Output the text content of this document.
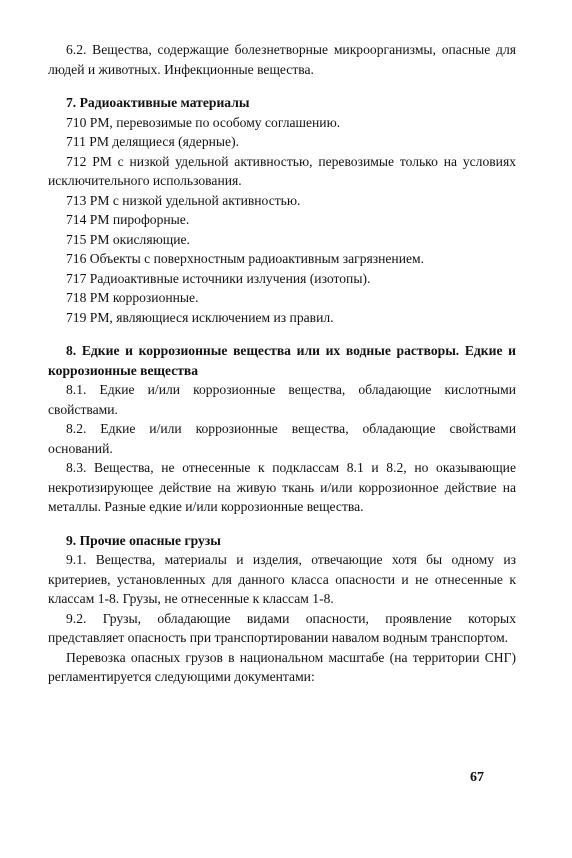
6.2. Вещества, содержащие болезнетворные микроорганизмы, опасные для людей и животных. Инфекционные вещества.

7. Радиоактивные материалы

710 РМ, перевозимые по особому соглашению.

711 РМ делящиеся (ядерные).

712 РМ с низкой удельной активностью, перевозимые только на условиях исключительного использования.

713 РМ с низкой удельной активностью.

714 РМ пирофорные.

715 РМ окисляющие.

716 Объекты с поверхностным радиоактивным загрязнением.

717 Радиоактивные источники излучения (изотопы).

718 РМ коррозионные.

719 РМ, являющиеся исключением из правил.

8. Едкие и коррозионные вещества или их водные растворы. Едкие и коррозионные вещества

8.1. Едкие и/или коррозионные вещества, обладающие кислотными свойствами.

8.2. Едкие и/или коррозионные вещества, обладающие свойствами оснований.

8.3. Вещества, не отнесенные к подклассам 8.1 и 8.2, но оказывающие некротизирующее действие на живую ткань и/или коррозионное действие на металлы. Разные едкие и/или коррозионные вещества.

9. Прочие опасные грузы

9.1. Вещества, материалы и изделия, отвечающие хотя бы одному из критериев, установленных для данного класса опасности и не отнесенные к классам 1-8. Грузы, не отнесенные к классам 1-8.

9.2. Грузы, обладающие видами опасности, проявление которых представляет опасность при транспортировании навалом водным транспортом.

Перевозка опасных грузов в национальном масштабе (на территории СНГ) регламентируется следующими документами:

67
